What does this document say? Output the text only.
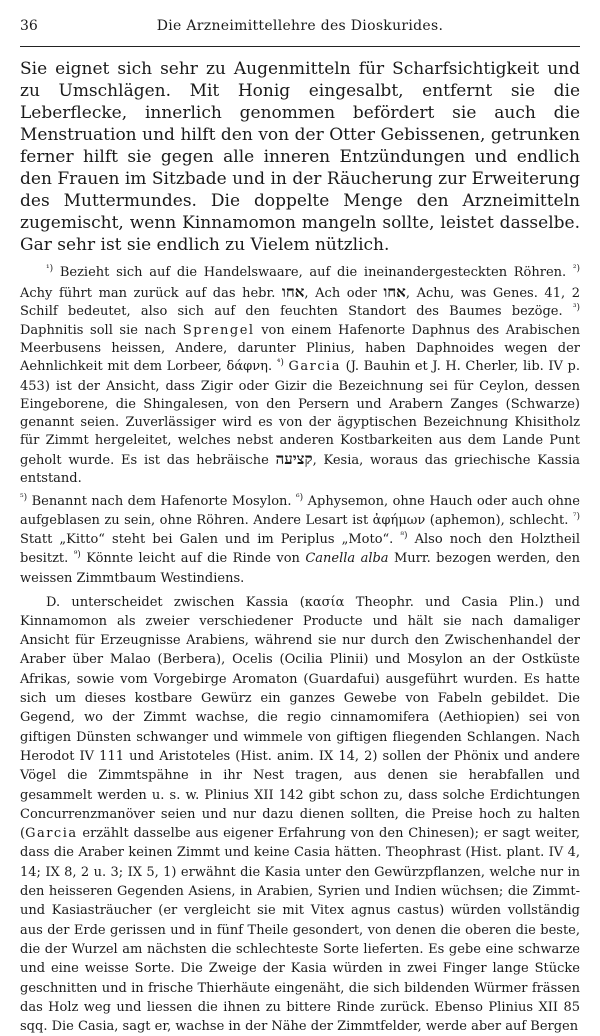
36	Die Arzneimittellehre des Dioskurides.

Sie eignet sich sehr zu Augenmitteln für Scharfsichtigkeit und zu Umschlägen. Mit Honig eingesalbt, entfernt sie die Leberflecke, innerlich genommen befördert sie auch die Menstruation und hilft den von der Otter Gebissenen, getrunken ferner hilft sie gegen alle inneren Entzündungen und endlich den Frauen im Sitzbade und in der Räucherung zur Erweiterung des Muttermundes. Die doppelte Menge den Arzneimitteln zugemischt, wenn Kinnamomon mangeln sollte, leistet dasselbe. Gar sehr ist sie endlich zu Vielem nützlich.

$^{^1)}$ Bezieht sich auf die Handelswaare, auf die ineinandergesteckten Röhren. $^{^2)}$ Achy führt man zurück auf das hebr. אחו, Ach oder אחו, Achu, was Genes. 41, 2 Schilf bedeutet, also sich auf den feuchten Standort des Baumes bezöge. $^{^3)}$ Daphnitis soll sie nach Sprengel von einem Hafenorte Daphnus des Arabischen Meerbusens heissen, Andere, darunter Plinius, haben Daphnoides wegen der Aehnlichkeit mit dem Lorbeer, δάφνη. $^{^4)}$ Garcia (J. Bauhin et J. H. Cherler, lib. IV p. 453) ist der Ansicht, dass Zigir oder Gizir die Bezeichnung sei für Ceylon, dessen Eingeborene, die Shingalesen, von den Persern und Arabern Zanges (Schwarze) genannt seien. Zuverlässiger wird es von der ägyptischen Bezeichnung Khisitholz für Zimmt hergeleitet, welches nebst anderen Kostbarkeiten aus dem Lande Punt geholt wurde. Es ist das hebräische קציעה, Kesia, woraus das griechische Kassia entstand.

$^{^5)}$ Benannt nach dem Hafenorte Mosylon. $^{^6)}$ Aphysemon, ohne Hauch oder auch ohne aufgeblasen zu sein, ohne Röhren. Andere Lesart ist ἀφήμων (aphemon), schlecht. $^{^7)}$ Statt „Kitto“ steht bei Galen und im Periplus „Moto“. $^{^8)}$ Also noch den Holztheil besitzt. $^{^9)}$ Könnte leicht auf die Rinde von Canella alba Murr. bezogen werden, den weissen Zimmtbaum Westindiens.

D. unterscheidet zwischen Kassia (κασία Theophr. und Casia Plin.) und Kinnamomon als zweier verschiedener Producte und hält sie nach damaliger Ansicht für Erzeugnisse Arabiens, während sie nur durch den Zwischenhandel der Araber über Malao (Berbera), Ocelis (Ocilia Plinii) und Mosylon an der Ostküste Afrikas, sowie vom Vorgebirge Aromaton (Guardafui) ausgeführt wurden. Es hatte sich um dieses kostbare Gewürz ein ganzes Gewebe von Fabeln gebildet. Die Gegend, wo der Zimmt wachse, die regio cinnamomifera (Aethiopien) sei von giftigen Dünsten schwanger und wimmele von giftigen fliegenden Schlangen. Nach Herodot IV 111 und Aristoteles (Hist. anim. IX 14, 2) sollen der Phönix und andere Vögel die Zimmtspähne in ihr Nest tragen, aus denen sie herabfallen und gesammelt werden u. s. w. Plinius XII 142 gibt schon zu, dass solche Erdichtungen Concurrenzmanöver seien und nur dazu dienen sollten, die Preise hoch zu halten (Garcia erzählt dasselbe aus eigener Erfahrung von den Chinesen); er sagt weiter, dass die Araber keinen Zimmt und keine Casia hätten. Theophrast (Hist. plant. IV 4, 14; IX 8, 2 u. 3; IX 5, 1) erwähnt die Kasia unter den Gewürzpflanzen, welche nur in den heisseren Gegenden Asiens, in Arabien, Syrien und Indien wüchsen; die Zimmt- und Kasiasträucher (er vergleicht sie mit Vitex agnus castus) würden vollständig aus der Erde gerissen und in fünf Theile gesondert, von denen die oberen die beste, die der Wurzel am nächsten die schlechteste Sorte lieferten. Es gebe eine schwarze und eine weisse Sorte. Die Zweige der Kasia würden in zwei Finger lange Stücke geschnitten und in frische Thierhäute eingenäht, die sich bildenden Würmer frässen das Holz weg und liessen die ihnen zu bittere Rinde zurück. Ebenso Plinius XII 85 sqq. Die Casia, sagt er, wachse in der Nähe der Zimmtfelder, werde aber auf Bergen
